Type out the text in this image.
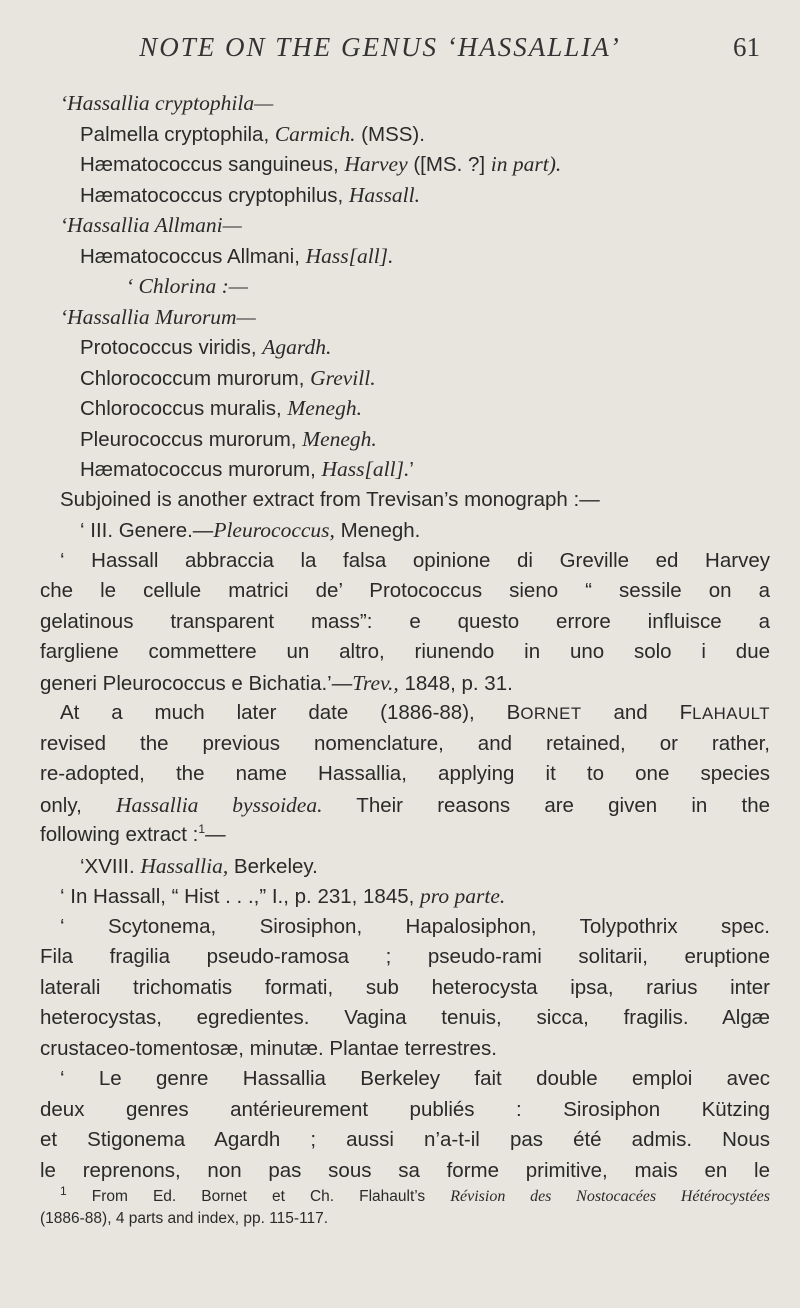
NOTE ON THE GENUS ‘HASSALLIA’	61
‘Hassallia cryptophila—
Palmella cryptophila, Carmich. (MSS).
Hæmatococcus sanguineus, Harvey ([MS. ?] in part).
Hæmatococcus cryptophilus, Hassall.
‘Hassallia Allmani—
Hæmatococcus Allmani, Hass[all].
‘ Chlorina :—
‘Hassallia Murorum—
Protococcus viridis, Agardh.
Chlorococcum murorum, Grevill.
Chlorococcus muralis, Menegh.
Pleurococcus murorum, Menegh.
Hæmatococcus murorum, Hass[all].’
Subjoined is another extract from Trevisan’s monograph :—
‘ III. Genere.—Pleurococcus, Menegh.
‘ Hassall abbraccia la falsa opinione di Greville ed Harvey
che le cellule matrici de’ Protococcus sieno “ sessile on a
gelatinous transparent mass”: e questo errore influisce a
fargliene commettere un altro, riunendo in uno solo i due
generi Pleurococcus e Bichatia.’—Trev., 1848, p. 31.
At a much later date (1886-88), BORNET and FLAHAULT
revised the previous nomenclature, and retained, or rather,
re-adopted, the name Hassallia, applying it to one species
only, Hassallia byssoidea. Their reasons are given in the
following extract :$^1$—
‘XVIII. Hassallia, Berkeley.
‘ In Hassall, “ Hist . . .,” I., p. 231, 1845, pro parte.
‘ Scytonema, Sirosiphon, Hapalosiphon, Tolypothrix spec.
Fila fragilia pseudo-ramosa ; pseudo-rami solitarii, eruptione
laterali trichomatis formati, sub heterocysta ipsa, rarius inter
heterocystas, egredientes. Vagina tenuis, sicca, fragilis. Algæ
crustaceo-tomentosæ, minutæ. Plantae terrestres.
‘ Le genre Hassallia Berkeley fait double emploi avec
deux genres antérieurement publiés : Sirosiphon Kützing
et Stigonema Agardh ; aussi n’a-t-il pas été admis. Nous
le reprenons, non pas sous sa forme primitive, mais en le
$^1$ From Ed. Bornet et Ch. Flahault’s Révision des Nostocacées Hétérocystées
(1886-88), 4 parts and index, pp. 115-117.
